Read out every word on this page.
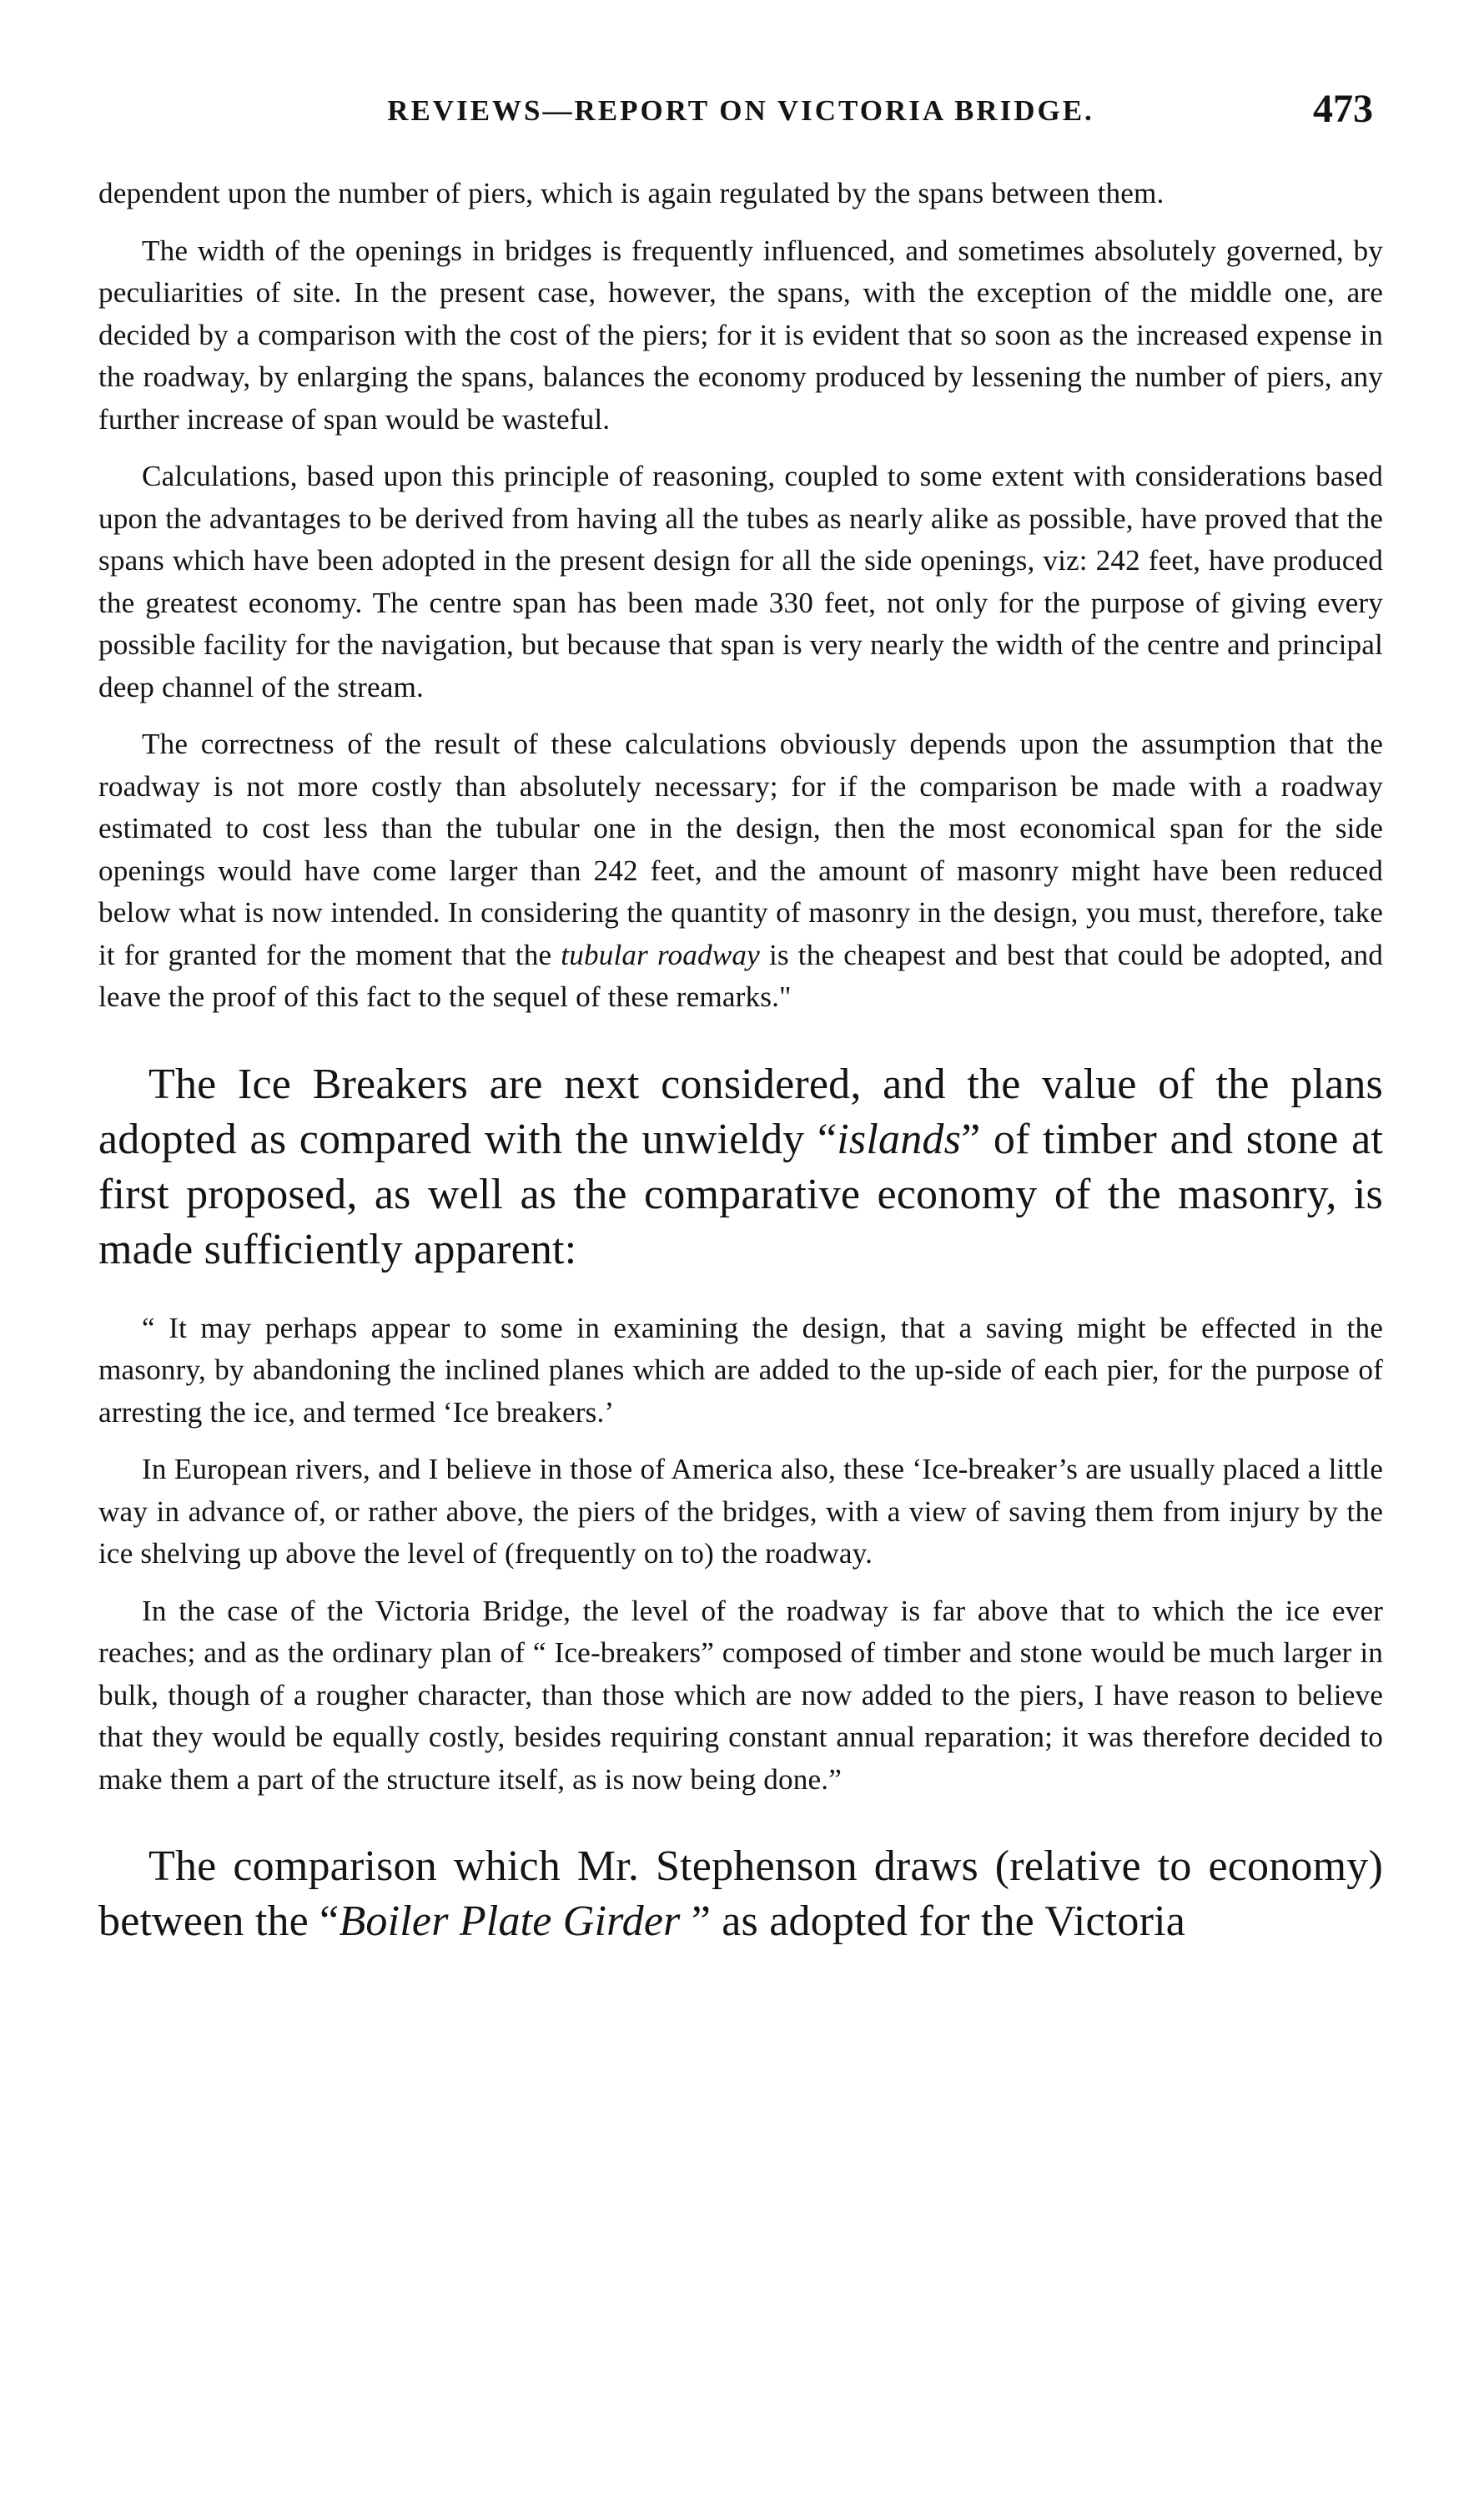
REVIEWS—REPORT ON VICTORIA BRIDGE.	473

dependent upon the number of piers, which is again regulated by the spans between them.

The width of the openings in bridges is frequently influenced, and sometimes absolutely governed, by peculiarities of site. In the present case, however, the spans, with the exception of the middle one, are decided by a comparison with the cost of the piers; for it is evident that so soon as the increased expense in the roadway, by enlarging the spans, balances the economy produced by lessening the number of piers, any further increase of span would be wasteful.

Calculations, based upon this principle of reasoning, coupled to some extent with considerations based upon the advantages to be derived from having all the tubes as nearly alike as possible, have proved that the spans which have been adopted in the present design for all the side openings, viz: 242 feet, have produced the greatest economy. The centre span has been made 330 feet, not only for the purpose of giving every possible facility for the navigation, but because that span is very nearly the width of the centre and principal deep channel of the stream.

The correctness of the result of these calculations obviously depends upon the assumption that the roadway is not more costly than absolutely necessary; for if the comparison be made with a roadway estimated to cost less than the tubular one in the design, then the most economical span for the side openings would have come larger than 242 feet, and the amount of masonry might have been reduced below what is now intended. In considering the quantity of masonry in the design, you must, therefore, take it for granted for the moment that the tubular roadway is the cheapest and best that could be adopted, and leave the proof of this fact to the sequel of these remarks."

The Ice Breakers are next considered, and the value of the plans adopted as compared with the unwieldy “islands” of timber and stone at first proposed, as well as the comparative economy of the masonry, is made sufficiently apparent:

“ It may perhaps appear to some in examining the design, that a saving might be effected in the masonry, by abandoning the inclined planes which are added to the up-side of each pier, for the purpose of arresting the ice, and termed ‘Ice breakers.’

In European rivers, and I believe in those of America also, these ‘Ice-breaker’s are usually placed a little way in advance of, or rather above, the piers of the bridges, with a view of saving them from injury by the ice shelving up above the level of (frequently on to) the roadway.

In the case of the Victoria Bridge, the level of the roadway is far above that to which the ice ever reaches; and as the ordinary plan of “ Ice-breakers” composed of timber and stone would be much larger in bulk, though of a rougher character, than those which are now added to the piers, I have reason to believe that they would be equally costly, besides requiring constant annual reparation; it was therefore decided to make them a part of the structure itself, as is now being done.”

The comparison which Mr. Stephenson draws (relative to economy) between the “Boiler Plate Girder ” as adopted for the Victoria
